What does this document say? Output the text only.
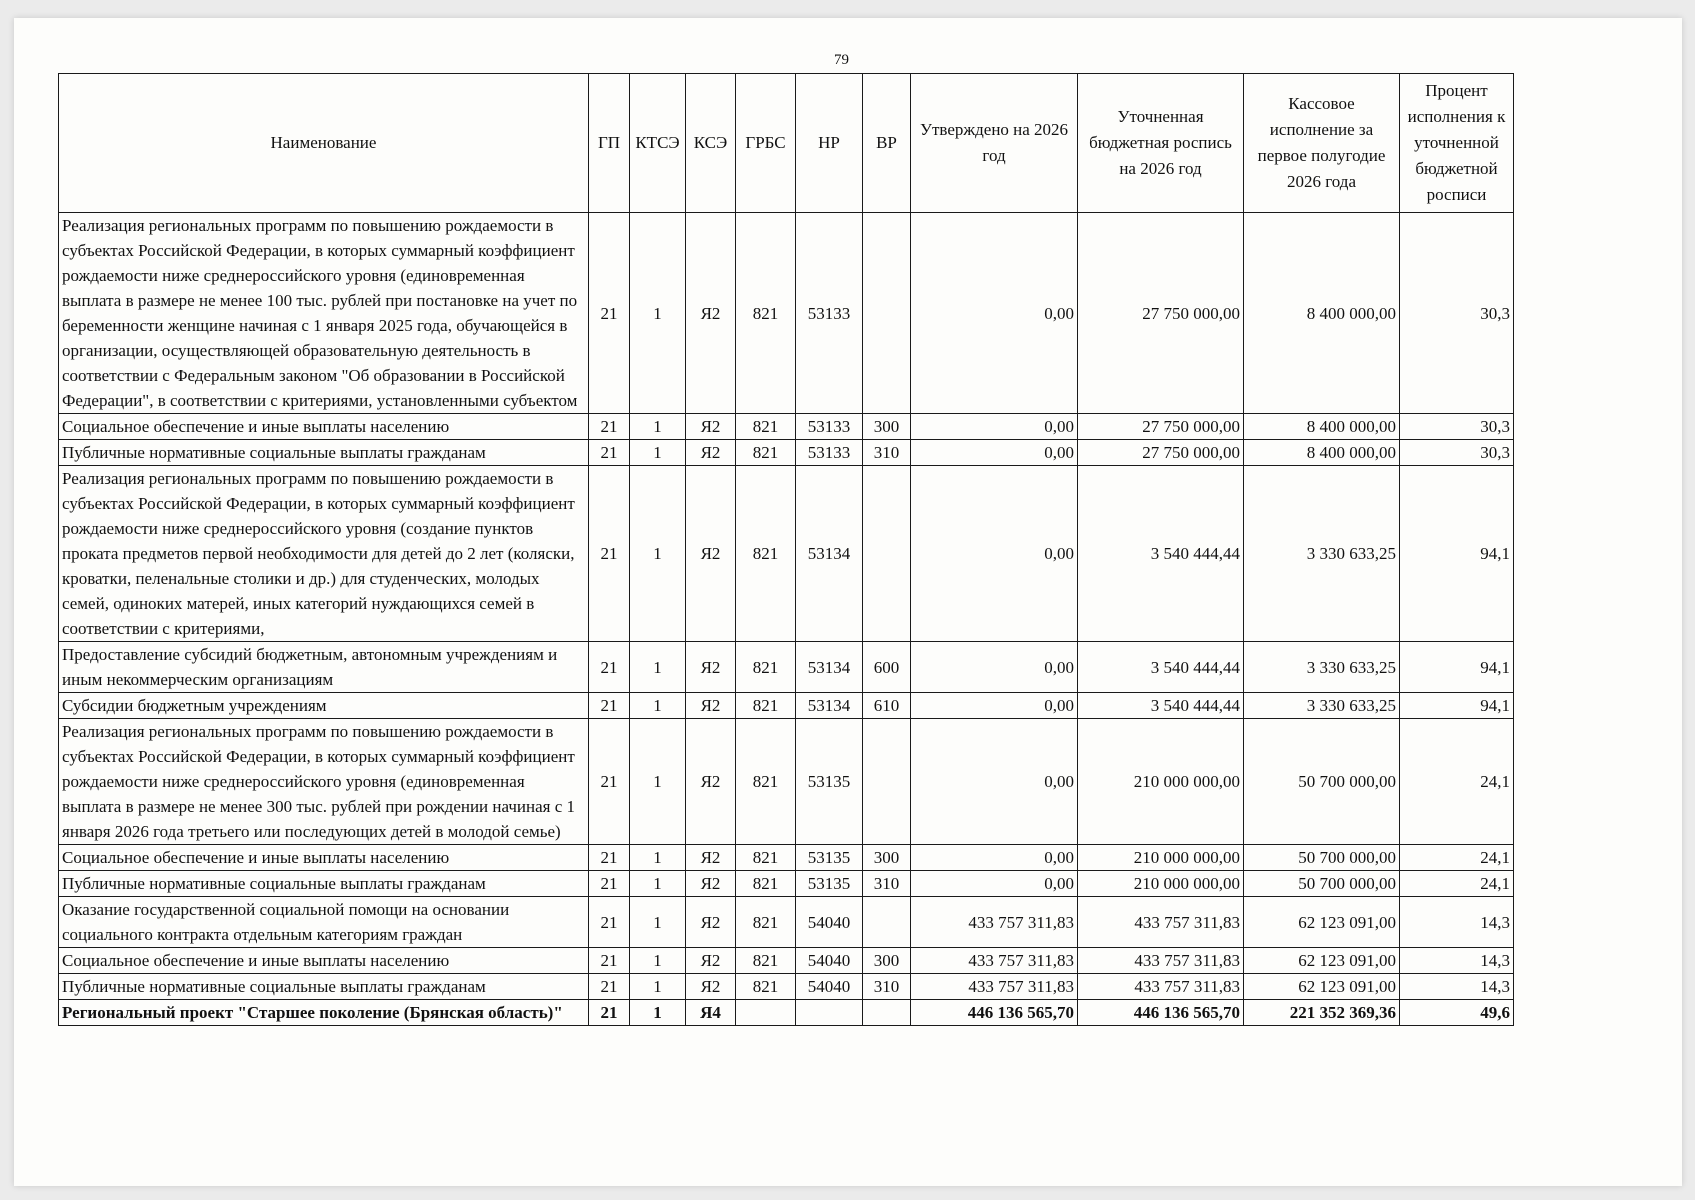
79
Наименование	ГП	КТСЭ	КСЭ	ГРБС	НР	ВР	Утверждено на 2026 год	Уточненная бюджетная роспись на 2026 год	Кассовое исполнение за первое полугодие 2026 года	Процент исполнения к уточненной бюджетной росписи
Реализация региональных программ по повышению рождаемости в субъектах Российской Федерации, в которых суммарный коэффициент рождаемости ниже среднероссийского уровня (единовременная выплата в размере не менее 100 тыс. рублей при постановке на учет по беременности женщине начиная с 1 января 2025 года, обучающейся в организации, осуществляющей образовательную деятельность в соответствии с Федеральным законом "Об образовании в Российской Федерации", в соответствии с критериями, установленными субъектом	21	1	Я2	821	53133		0,00	27 750 000,00	8 400 000,00	30,3
Социальное обеспечение и иные выплаты населению	21	1	Я2	821	53133	300	0,00	27 750 000,00	8 400 000,00	30,3
Публичные нормативные социальные выплаты гражданам	21	1	Я2	821	53133	310	0,00	27 750 000,00	8 400 000,00	30,3
Реализация региональных программ по повышению рождаемости в субъектах Российской Федерации, в которых суммарный коэффициент рождаемости ниже среднероссийского уровня (создание пунктов проката предметов первой необходимости для детей до 2 лет (коляски, кроватки, пеленальные столики и др.) для студенческих, молодых семей, одиноких матерей, иных категорий нуждающихся семей в соответствии с критериями,	21	1	Я2	821	53134		0,00	3 540 444,44	3 330 633,25	94,1
Предоставление субсидий бюджетным, автономным учреждениям и иным некоммерческим организациям	21	1	Я2	821	53134	600	0,00	3 540 444,44	3 330 633,25	94,1
Субсидии бюджетным учреждениям	21	1	Я2	821	53134	610	0,00	3 540 444,44	3 330 633,25	94,1
Реализация региональных программ по повышению рождаемости в субъектах Российской Федерации, в которых суммарный коэффициент рождаемости ниже среднероссийского уровня (единовременная выплата в размере не менее 300 тыс. рублей при рождении начиная с 1 января 2026 года третьего или последующих детей в молодой семье)	21	1	Я2	821	53135		0,00	210 000 000,00	50 700 000,00	24,1
Социальное обеспечение и иные выплаты населению	21	1	Я2	821	53135	300	0,00	210 000 000,00	50 700 000,00	24,1
Публичные нормативные социальные выплаты гражданам	21	1	Я2	821	53135	310	0,00	210 000 000,00	50 700 000,00	24,1
Оказание государственной социальной помощи на основании социального контракта отдельным категориям граждан	21	1	Я2	821	54040		433 757 311,83	433 757 311,83	62 123 091,00	14,3
Социальное обеспечение и иные выплаты населению	21	1	Я2	821	54040	300	433 757 311,83	433 757 311,83	62 123 091,00	14,3
Публичные нормативные социальные выплаты гражданам	21	1	Я2	821	54040	310	433 757 311,83	433 757 311,83	62 123 091,00	14,3
Региональный проект "Старшее поколение (Брянская область)"	21	1	Я4				446 136 565,70	446 136 565,70	221 352 369,36	49,6
